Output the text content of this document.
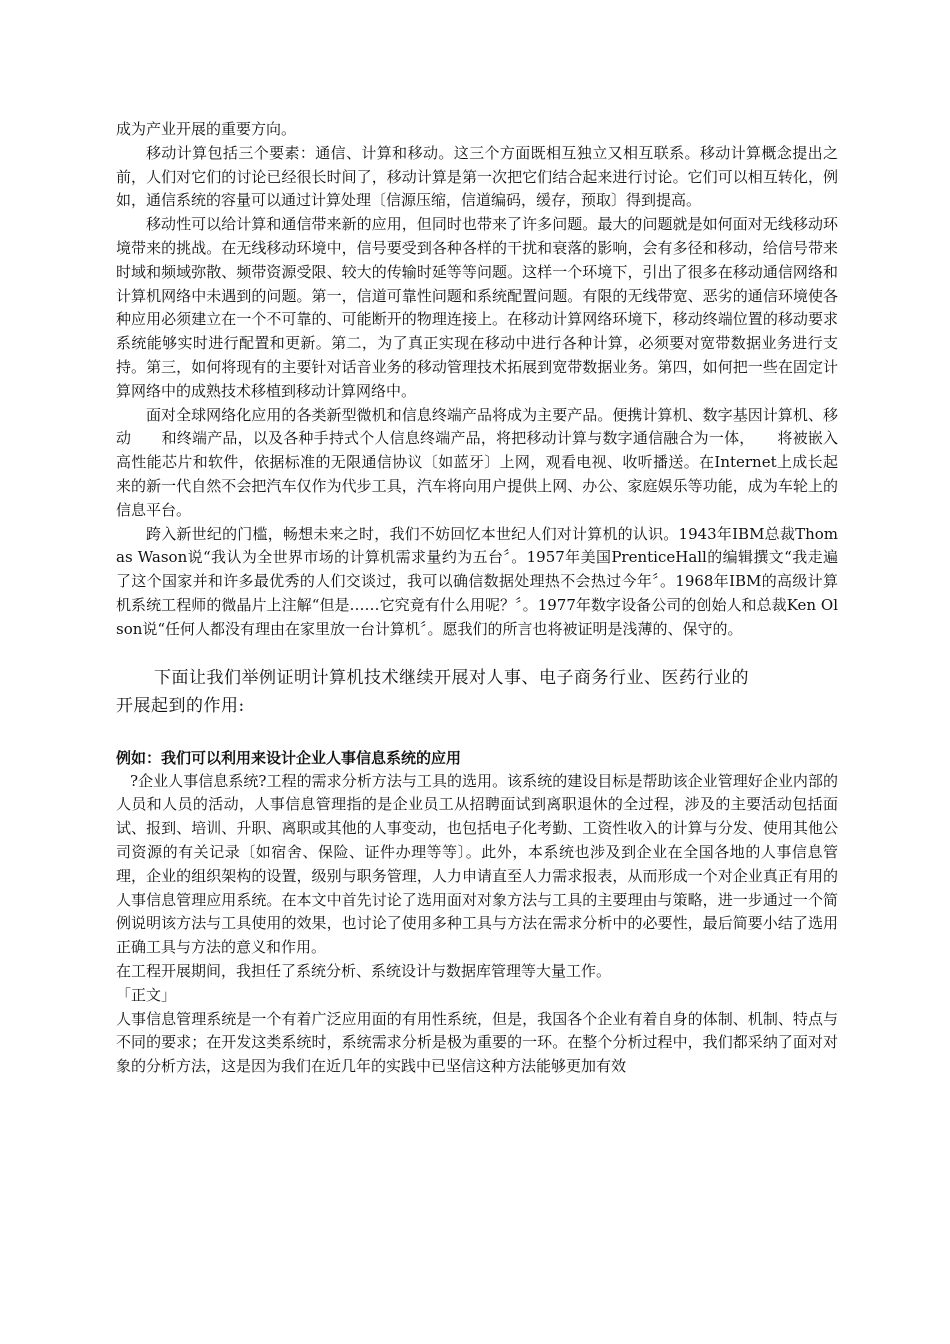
成为产业开展的重要方向。

移动计算包括三个要素：通信、计算和移动。这三个方面既相互独立又相互联系。移动计算概念提出之前，人们对它们的讨论已经很长时间了，移动计算是第一次把它们结合起来进行讨论。它们可以相互转化，例如，通信系统的容量可以通过计算处理〔信源压缩，信道编码，缓存，预取〕得到提高。

移动性可以给计算和通信带来新的应用，但同时也带来了许多问题。最大的问题就是如何面对无线移动环境带来的挑战。在无线移动环境中，信号要受到各种各样的干扰和衰落的影响，会有多径和移动，给信号带来时域和频域弥散、频带资源受限、较大的传输时延等等问题。这样一个环境下，引出了很多在移动通信网络和计算机网络中未遇到的问题。第一，信道可靠性问题和系统配置问题。有限的无线带宽、恶劣的通信环境使各种应用必须建立在一个不可靠的、可能断开的物理连接上。在移动计算网络环境下，移动终端位置的移动要求系统能够实时进行配置和更新。第二，为了真正实现在移动中进行各种计算，必须要对宽带数据业务进行支持。第三，如何将现有的主要针对话音业务的移动管理技术拓展到宽带数据业务。第四，如何把一些在固定计算网络中的成熟技术移植到移动计算网络中。

面对全球网络化应用的各类新型微机和信息终端产品将成为主要产品。便携计算机、数字基因计算机、移动　　和终端产品，以及各种手持式个人信息终端产品，将把移动计算与数字通信融合为一体，　　将被嵌入高性能芯片和软件，依据标准的无限通信协议〔如蓝牙〕上网，观看电视、收听播送。在Internet上成长起来的新一代自然不会把汽车仅作为代步工具，汽车将向用户提供上网、办公、家庭娱乐等功能，成为车轮上的信息平台。

跨入新世纪的门槛，畅想未来之时，我们不妨回忆本世纪人们对计算机的认识。1943年IBM总裁Thomas Wason说“我认为全世界市场的计算机需求量约为五台〞。1957年美国PrenticeHall的编辑撰文“我走遍了这个国家并和许多最优秀的人们交谈过，我可以确信数据处理热不会热过今年〞。1968年IBM的高级计算机系统工程师的微晶片上注解“但是……它究竟有什么用呢？〞。1977年数字设备公司的创始人和总裁Ken Olson说“任何人都没有理由在家里放一台计算机〞。愿我们的所言也将被证明是浅薄的、保守的。

下面让我们举例证明计算机技术继续开展对人事、电子商务行业、医药行业的

开展起到的作用:

例如：我们可以利用来设计企业人事信息系统的应用

?企业人事信息系统?工程的需求分析方法与工具的选用。该系统的建设目标是帮助该企业管理好企业内部的人员和人员的活动，人事信息管理指的是企业员工从招聘面试到离职退休的全过程，涉及的主要活动包括面试、报到、培训、升职、离职或其他的人事变动，也包括电子化考勤、工资性收入的计算与分发、使用其他公司资源的有关记录〔如宿舍、保险、证件办理等等〕。此外，本系统也涉及到企业在全国各地的人事信息管理，企业的组织架构的设置，级别与职务管理，人力申请直至人力需求报表，从而形成一个对企业真正有用的人事信息管理应用系统。在本文中首先讨论了选用面对对象方法与工具的主要理由与策略，进一步通过一个简例说明该方法与工具使用的效果，也讨论了使用多种工具与方法在需求分析中的必要性，最后简要小结了选用正确工具与方法的意义和作用。

在工程开展期间，我担任了系统分析、系统设计与数据库管理等大量工作。

「正文」

人事信息管理系统是一个有着广泛应用面的有用性系统，但是，我国各个企业有着自身的体制、机制、特点与不同的要求；在开发这类系统时，系统需求分析是极为重要的一环。在整个分析过程中，我们都采纳了面对对象的分析方法，这是因为我们在近几年的实践中已坚信这种方法能够更加有效
